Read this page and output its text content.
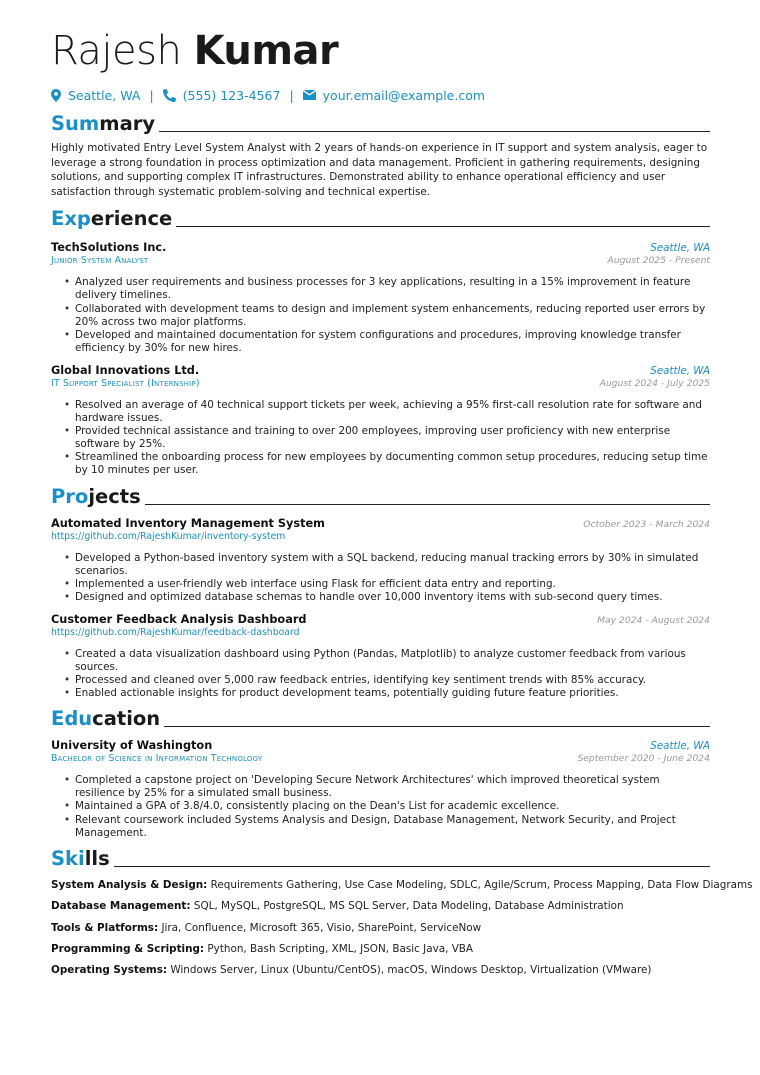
Rajesh Kumar
Seattle, WA | (555) 123-4567 | your.email@example.com
Sum mary

Highly motivated Entry Level System Analyst with 2 years of hands-on experience in IT support and system analysis, eager to leverage a strong foundation in process optimization and data management. Proficient in gathering requirements, designing solutions, and supporting complex IT infrastructures. Demonstrated ability to enhance operational efficiency and user satisfaction through systematic problem-solving and technical expertise.

Exp erience
TechSolutions Inc.	Seattle, WA
Junior System Analyst	August 2025 - Present
• Analyzed user requirements and business processes for 3 key applications, resulting in a 15% improvement in feature delivery timelines.
• Collaborated with development teams to design and implement system enhancements, reducing reported user errors by 20% across two major platforms.
• Developed and maintained documentation for system configurations and procedures, improving knowledge transfer efficiency by 30% for new hires.
Global Innovations Ltd.	Seattle, WA
IT Support Specialist (Internship)	August 2024 - July 2025
• Resolved an average of 40 technical support tickets per week, achieving a 95% first-call resolution rate for software and hardware issues.
• Provided technical assistance and training to over 200 employees, improving user proficiency with new enterprise software by 25%.
• Streamlined the onboarding process for new employees by documenting common setup procedures, reducing setup time by 10 minutes per user.
Pro jects
Automated Inventory Management System	October 2023 - March 2024
https://github.com/RajeshKumar/inventory-system
• Developed a Python-based inventory system with a SQL backend, reducing manual tracking errors by 30% in simulated scenarios.
• Implemented a user-friendly web interface using Flask for efficient data entry and reporting.
• Designed and optimized database schemas to handle over 10,000 inventory items with sub-second query times.
Customer Feedback Analysis Dashboard	May 2024 - August 2024
https://github.com/RajeshKumar/feedback-dashboard
• Created a data visualization dashboard using Python (Pandas, Matplotlib) to analyze customer feedback from various sources.
• Processed and cleaned over 5,000 raw feedback entries, identifying key sentiment trends with 85% accuracy.
• Enabled actionable insights for product development teams, potentially guiding future feature priorities.
Edu cation
University of Washington	Seattle, WA
Bachelor of Science in Information Technology	September 2020 - June 2024
• Completed a capstone project on 'Developing Secure Network Architectures' which improved theoretical system resilience by 25% for a simulated small business.
• Maintained a GPA of 3.8/4.0, consistently placing on the Dean's List for academic excellence.
• Relevant coursework included Systems Analysis and Design, Database Management, Network Security, and Project Management.
Ski lls
System Analysis & Design: Requirements Gathering, Use Case Modeling, SDLC, Agile/Scrum, Process Mapping, Data Flow Diagrams
Database Management: SQL, MySQL, PostgreSQL, MS SQL Server, Data Modeling, Database Administration
Tools & Platforms: Jira, Confluence, Microsoft 365, Visio, SharePoint, ServiceNow
Programming & Scripting: Python, Bash Scripting, XML, JSON, Basic Java, VBA
Operating Systems: Windows Server, Linux (Ubuntu/CentOS), macOS, Windows Desktop, Virtualization (VMware)
